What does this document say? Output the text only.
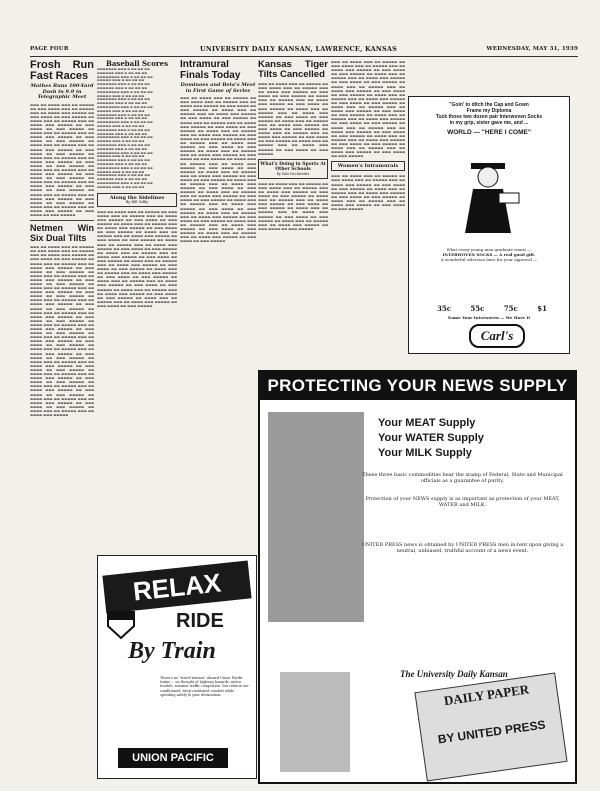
PAGE FOUR	UNIVERSITY DAILY KANSAN, LAWRENCE, KANSAS	WEDNESDAY, MAY 31, 1939
Frosh Run Fast Races
Mathes Runs 100-Yard Dash in 9.9 in Telegraphic Meet
▬▬▬ ▬▬ ▬▬▬▬ ▬▬▬ ▬▬ ▬▬▬▬▬ ▬▬ ▬▬▬ ▬▬▬▬ ▬▬▬ ▬▬ ▬▬▬▬▬ ▬▬▬ ▬▬ ▬▬▬▬ ▬▬▬ ▬▬▬▬▬ ▬▬ ▬▬▬ ▬▬▬▬ ▬▬ ▬▬▬ ▬▬▬▬▬ ▬▬ ▬▬▬▬ ▬▬▬ ▬▬ ▬▬▬▬▬ ▬▬▬ ▬▬ ▬▬▬▬ ▬▬▬ ▬▬▬▬▬ ▬▬ ▬▬▬ ▬▬▬▬ ▬▬ ▬▬▬ ▬▬▬▬▬ ▬▬ ▬▬▬▬ ▬▬▬ ▬▬ ▬▬▬▬▬ ▬▬▬ ▬▬ ▬▬▬▬ ▬▬▬ ▬▬▬▬▬ ▬▬ ▬▬▬ ▬▬▬▬ ▬▬ ▬▬▬ ▬▬▬▬▬ ▬▬ ▬▬▬▬ ▬▬▬ ▬▬ ▬▬▬▬▬ ▬▬▬ ▬▬ ▬▬▬▬ ▬▬▬ ▬▬▬▬▬ ▬▬ ▬▬▬ ▬▬▬▬ ▬▬ ▬▬▬ ▬▬▬▬▬ ▬▬ ▬▬▬▬ ▬▬▬ ▬▬ ▬▬▬▬▬ ▬▬▬ ▬▬ ▬▬▬▬ ▬▬▬ ▬▬▬▬▬ ▬▬ ▬▬▬ ▬▬▬▬ ▬▬ ▬▬▬ ▬▬▬▬▬ ▬▬ ▬▬▬▬ ▬▬▬ ▬▬ ▬▬▬▬▬ ▬▬▬ ▬▬ ▬▬▬▬ ▬▬▬ ▬▬▬▬▬ ▬▬ ▬▬▬ ▬▬▬▬ ▬▬ ▬▬▬ ▬▬▬▬▬ ▬▬ ▬▬▬▬ ▬▬▬ ▬▬ ▬▬▬▬▬ ▬▬▬ ▬▬ ▬▬▬▬ ▬▬▬ ▬▬▬▬▬ ▬▬ ▬▬▬ ▬▬▬▬ ▬▬ ▬▬▬ ▬▬▬▬▬ ▬▬ ▬▬▬▬ ▬▬▬ ▬▬ ▬▬▬▬▬ ▬▬▬ ▬▬ ▬▬▬▬ ▬▬▬ ▬▬▬▬▬ ▬▬ ▬▬▬ ▬▬▬▬ ▬▬ ▬▬▬ ▬▬▬▬▬ ▬▬ ▬▬▬▬ ▬▬▬ ▬▬ ▬▬▬▬▬ ▬▬▬ ▬▬ ▬▬▬▬ ▬▬▬ ▬▬▬▬▬ ▬▬ ▬▬▬ ▬▬▬▬ ▬▬ ▬▬▬ ▬▬▬▬▬
Netmen Win Six Dual Tilts
▬▬▬ ▬▬ ▬▬▬▬ ▬▬▬ ▬▬ ▬▬▬▬▬ ▬▬ ▬▬▬ ▬▬▬▬ ▬▬▬ ▬▬ ▬▬▬▬▬ ▬▬▬ ▬▬ ▬▬▬▬ ▬▬▬ ▬▬▬▬▬ ▬▬ ▬▬▬ ▬▬▬▬ ▬▬ ▬▬▬ ▬▬▬▬▬ ▬▬ ▬▬▬▬ ▬▬▬ ▬▬ ▬▬▬▬▬ ▬▬▬ ▬▬ ▬▬▬▬ ▬▬▬ ▬▬▬▬▬ ▬▬ ▬▬▬ ▬▬▬▬ ▬▬ ▬▬▬ ▬▬▬▬▬ ▬▬ ▬▬▬▬ ▬▬▬ ▬▬ ▬▬▬▬▬ ▬▬▬ ▬▬ ▬▬▬▬ ▬▬▬ ▬▬▬▬▬ ▬▬ ▬▬▬ ▬▬▬▬ ▬▬ ▬▬▬ ▬▬▬▬▬ ▬▬ ▬▬▬▬ ▬▬▬ ▬▬ ▬▬▬▬▬ ▬▬▬ ▬▬ ▬▬▬▬ ▬▬▬ ▬▬▬▬▬ ▬▬ ▬▬▬ ▬▬▬▬ ▬▬ ▬▬▬ ▬▬▬▬▬ ▬▬ ▬▬▬▬ ▬▬▬ ▬▬ ▬▬▬▬▬ ▬▬▬ ▬▬ ▬▬▬▬ ▬▬▬ ▬▬▬▬▬ ▬▬ ▬▬▬ ▬▬▬▬ ▬▬ ▬▬▬ ▬▬▬▬▬ ▬▬ ▬▬▬▬ ▬▬▬ ▬▬ ▬▬▬▬▬ ▬▬▬ ▬▬ ▬▬▬▬ ▬▬▬ ▬▬▬▬▬ ▬▬ ▬▬▬ ▬▬▬▬ ▬▬ ▬▬▬ ▬▬▬▬▬ ▬▬ ▬▬▬▬ ▬▬▬ ▬▬ ▬▬▬▬▬ ▬▬▬ ▬▬ ▬▬▬▬ ▬▬▬ ▬▬▬▬▬ ▬▬ ▬▬▬ ▬▬▬▬ ▬▬ ▬▬▬ ▬▬▬▬▬ ▬▬ ▬▬▬▬ ▬▬▬ ▬▬ ▬▬▬▬▬ ▬▬▬ ▬▬ ▬▬▬▬ ▬▬▬ ▬▬▬▬▬ ▬▬ ▬▬▬ ▬▬▬▬ ▬▬ ▬▬▬ ▬▬▬▬▬ ▬▬ ▬▬▬▬ ▬▬▬ ▬▬ ▬▬▬▬▬ ▬▬▬ ▬▬ ▬▬▬▬ ▬▬▬ ▬▬▬▬▬ ▬▬ ▬▬▬ ▬▬▬▬ ▬▬ ▬▬▬ ▬▬▬▬▬ ▬▬ ▬▬▬▬ ▬▬▬ ▬▬ ▬▬▬▬▬ ▬▬▬ ▬▬ ▬▬▬▬ ▬▬▬ ▬▬▬▬▬ ▬▬ ▬▬▬ ▬▬▬▬ ▬▬ ▬▬▬ ▬▬▬▬▬ ▬▬ ▬▬▬▬ ▬▬▬ ▬▬ ▬▬▬▬▬ ▬▬▬ ▬▬ ▬▬▬▬ ▬▬▬ ▬▬▬▬▬ ▬▬ ▬▬▬ ▬▬▬▬ ▬▬ ▬▬▬ ▬▬▬▬▬ ▬▬ ▬▬▬▬ ▬▬▬ ▬▬ ▬▬▬▬▬ ▬▬▬ ▬▬ ▬▬▬▬ ▬▬▬ ▬▬▬▬▬ ▬▬ ▬▬▬ ▬▬▬▬ ▬▬ ▬▬▬ ▬▬▬▬▬ ▬▬ ▬▬▬▬ ▬▬▬ ▬▬ ▬▬▬▬▬ ▬▬▬ ▬▬ ▬▬▬▬ ▬▬▬ ▬▬▬▬▬ ▬▬ ▬▬▬ ▬▬▬▬ ▬▬ ▬▬▬ ▬▬▬▬▬ ▬▬ ▬▬▬▬ ▬▬▬ ▬▬ ▬▬▬▬▬ ▬▬▬ ▬▬ ▬▬▬▬ ▬▬▬ ▬▬▬▬▬
Baseball Scores
▬▬▬▬▬▬▬ ▬▬▬ ▬ ▬▬ ▬▬ ▬▬
▬▬▬▬▬▬ ▬▬▬ ▬ ▬▬ ▬▬ ▬▬
▬▬▬▬▬▬▬▬ ▬▬▬ ▬ ▬▬ ▬▬ ▬▬
▬▬▬▬▬ ▬▬▬ ▬ ▬▬ ▬▬ ▬▬
▬▬▬▬▬▬▬ ▬▬▬ ▬ ▬▬ ▬▬ ▬▬
▬▬▬▬▬▬ ▬▬▬ ▬ ▬▬ ▬▬ ▬▬
▬▬▬▬▬▬▬▬ ▬▬▬ ▬ ▬▬ ▬▬ ▬▬
▬▬▬▬▬ ▬▬▬ ▬ ▬▬ ▬▬ ▬▬
▬▬▬▬▬▬▬ ▬▬▬ ▬ ▬▬ ▬▬ ▬▬
▬▬▬▬▬▬ ▬▬▬ ▬ ▬▬ ▬▬ ▬▬
▬▬▬▬▬▬▬▬ ▬▬▬ ▬ ▬▬ ▬▬ ▬▬
▬▬▬▬▬ ▬▬▬ ▬ ▬▬ ▬▬ ▬▬
▬▬▬▬▬▬▬ ▬▬▬ ▬ ▬▬ ▬▬ ▬▬
▬▬▬▬▬▬ ▬▬▬ ▬ ▬▬ ▬▬ ▬▬
▬▬▬▬▬▬▬▬ ▬▬▬ ▬ ▬▬ ▬▬ ▬▬
▬▬▬▬▬ ▬▬▬ ▬ ▬▬ ▬▬ ▬▬
▬▬▬▬▬▬▬ ▬▬▬ ▬ ▬▬ ▬▬ ▬▬
▬▬▬▬▬▬ ▬▬▬ ▬ ▬▬ ▬▬ ▬▬
▬▬▬▬▬▬▬▬ ▬▬▬ ▬ ▬▬ ▬▬ ▬▬
▬▬▬▬▬ ▬▬▬ ▬ ▬▬ ▬▬ ▬▬
▬▬▬▬▬▬▬ ▬▬▬ ▬ ▬▬ ▬▬ ▬▬
▬▬▬▬▬▬ ▬▬▬ ▬ ▬▬ ▬▬ ▬▬
▬▬▬▬▬▬▬▬ ▬▬▬ ▬ ▬▬ ▬▬ ▬▬
▬▬▬▬▬ ▬▬▬ ▬ ▬▬ ▬▬ ▬▬
▬▬▬▬▬▬▬ ▬▬▬ ▬ ▬▬ ▬▬ ▬▬
▬▬▬▬▬▬ ▬▬▬ ▬ ▬▬ ▬▬ ▬▬
▬▬▬▬▬▬▬▬ ▬▬▬ ▬ ▬▬ ▬▬ ▬▬
▬▬▬▬▬ ▬▬▬ ▬ ▬▬ ▬▬ ▬▬
▬▬▬▬▬▬▬ ▬▬▬ ▬ ▬▬ ▬▬ ▬▬
▬▬▬▬▬▬ ▬▬▬ ▬ ▬▬ ▬▬ ▬▬
▬▬▬▬▬▬▬▬ ▬▬▬ ▬ ▬▬ ▬▬ ▬▬
▬▬▬▬▬ ▬▬▬ ▬ ▬▬ ▬▬ ▬▬
Along the Sidelines
By Bill Selby
▬▬▬ ▬▬ ▬▬▬▬ ▬▬▬ ▬▬ ▬▬▬▬▬ ▬▬ ▬▬▬ ▬▬▬▬ ▬▬▬ ▬▬ ▬▬▬▬▬ ▬▬▬ ▬▬ ▬▬▬▬ ▬▬▬ ▬▬▬▬▬ ▬▬ ▬▬▬ ▬▬▬▬ ▬▬ ▬▬▬ ▬▬▬▬▬ ▬▬ ▬▬▬▬ ▬▬▬ ▬▬ ▬▬▬▬▬ ▬▬▬ ▬▬ ▬▬▬▬ ▬▬▬ ▬▬▬▬▬ ▬▬ ▬▬▬ ▬▬▬▬ ▬▬ ▬▬▬ ▬▬▬▬▬ ▬▬ ▬▬▬▬ ▬▬▬ ▬▬ ▬▬▬▬▬ ▬▬▬ ▬▬ ▬▬▬▬ ▬▬▬ ▬▬▬▬▬ ▬▬ ▬▬▬ ▬▬▬▬ ▬▬ ▬▬▬ ▬▬▬▬▬ ▬▬ ▬▬▬▬ ▬▬▬ ▬▬ ▬▬▬▬▬ ▬▬▬ ▬▬ ▬▬▬▬ ▬▬▬ ▬▬▬▬▬ ▬▬ ▬▬▬ ▬▬▬▬ ▬▬ ▬▬▬ ▬▬▬▬▬ ▬▬ ▬▬▬▬ ▬▬▬ ▬▬ ▬▬▬▬▬ ▬▬▬ ▬▬ ▬▬▬▬ ▬▬▬ ▬▬▬▬▬ ▬▬ ▬▬▬ ▬▬▬▬ ▬▬ ▬▬▬ ▬▬▬▬▬ ▬▬ ▬▬▬▬ ▬▬▬ ▬▬ ▬▬▬▬▬ ▬▬▬ ▬▬ ▬▬▬▬ ▬▬▬ ▬▬▬▬▬ ▬▬ ▬▬▬ ▬▬▬▬ ▬▬ ▬▬▬ ▬▬▬▬▬ ▬▬ ▬▬▬▬ ▬▬▬ ▬▬ ▬▬▬▬▬ ▬▬▬ ▬▬ ▬▬▬▬ ▬▬▬ ▬▬▬▬▬ ▬▬ ▬▬▬ ▬▬▬▬ ▬▬ ▬▬▬ ▬▬▬▬▬ ▬▬ ▬▬▬▬ ▬▬▬ ▬▬ ▬▬▬▬▬ ▬▬▬ ▬▬ ▬▬▬▬ ▬▬▬ ▬▬▬▬▬ ▬▬ ▬▬▬ ▬▬▬▬ ▬▬ ▬▬▬ ▬▬▬▬▬ ▬▬ ▬▬▬▬ ▬▬▬ ▬▬ ▬▬▬▬▬ ▬▬▬ ▬▬ ▬▬▬▬ ▬▬▬ ▬▬▬▬▬ ▬▬ ▬▬▬ ▬▬▬▬ ▬▬ ▬▬▬ ▬▬▬▬▬ ▬▬ ▬▬▬▬ ▬▬▬ ▬▬ ▬▬▬▬▬ ▬▬▬ ▬▬ ▬▬▬▬ ▬▬▬ ▬▬▬▬▬ ▬▬ ▬▬▬ ▬▬▬▬ ▬▬ ▬▬▬ ▬▬▬▬▬
Intramural Finals Today
Dominoes and Beta's Meet in First Game of Series
▬▬▬ ▬▬ ▬▬▬▬ ▬▬▬ ▬▬ ▬▬▬▬▬ ▬▬ ▬▬▬ ▬▬▬▬ ▬▬▬ ▬▬ ▬▬▬▬▬ ▬▬▬ ▬▬ ▬▬▬▬ ▬▬▬ ▬▬▬▬▬ ▬▬ ▬▬▬ ▬▬▬▬ ▬▬ ▬▬▬ ▬▬▬▬▬ ▬▬ ▬▬▬▬ ▬▬▬ ▬▬ ▬▬▬▬▬ ▬▬▬ ▬▬ ▬▬▬▬ ▬▬▬ ▬▬▬▬▬ ▬▬ ▬▬▬ ▬▬▬▬ ▬▬ ▬▬▬ ▬▬▬▬▬ ▬▬ ▬▬▬▬ ▬▬▬ ▬▬ ▬▬▬▬▬ ▬▬▬ ▬▬ ▬▬▬▬ ▬▬▬ ▬▬▬▬▬ ▬▬ ▬▬▬ ▬▬▬▬ ▬▬ ▬▬▬ ▬▬▬▬▬ ▬▬ ▬▬▬▬ ▬▬▬ ▬▬ ▬▬▬▬▬ ▬▬▬ ▬▬ ▬▬▬▬ ▬▬▬ ▬▬▬▬▬ ▬▬ ▬▬▬ ▬▬▬▬ ▬▬ ▬▬▬ ▬▬▬▬▬ ▬▬ ▬▬▬▬ ▬▬▬ ▬▬ ▬▬▬▬▬ ▬▬▬ ▬▬ ▬▬▬▬ ▬▬▬ ▬▬▬▬▬ ▬▬ ▬▬▬ ▬▬▬▬ ▬▬ ▬▬▬ ▬▬▬▬▬ ▬▬ ▬▬▬▬ ▬▬▬ ▬▬ ▬▬▬▬▬ ▬▬▬ ▬▬ ▬▬▬▬ ▬▬▬ ▬▬▬▬▬ ▬▬ ▬▬▬ ▬▬▬▬ ▬▬ ▬▬▬ ▬▬▬▬▬ ▬▬ ▬▬▬▬ ▬▬▬ ▬▬ ▬▬▬▬▬ ▬▬▬ ▬▬ ▬▬▬▬ ▬▬▬ ▬▬▬▬▬ ▬▬ ▬▬▬ ▬▬▬▬ ▬▬ ▬▬▬ ▬▬▬▬▬ ▬▬ ▬▬▬▬ ▬▬▬ ▬▬ ▬▬▬▬▬ ▬▬▬ ▬▬ ▬▬▬▬ ▬▬▬ ▬▬▬▬▬ ▬▬ ▬▬▬ ▬▬▬▬ ▬▬ ▬▬▬ ▬▬▬▬▬ ▬▬ ▬▬▬▬ ▬▬▬ ▬▬ ▬▬▬▬▬ ▬▬▬ ▬▬ ▬▬▬▬ ▬▬▬ ▬▬▬▬▬ ▬▬ ▬▬▬ ▬▬▬▬ ▬▬ ▬▬▬ ▬▬▬▬▬ ▬▬ ▬▬▬▬ ▬▬▬ ▬▬ ▬▬▬▬▬ ▬▬▬ ▬▬ ▬▬▬▬ ▬▬▬ ▬▬▬▬▬ ▬▬ ▬▬▬ ▬▬▬▬ ▬▬ ▬▬▬ ▬▬▬▬▬ ▬▬ ▬▬▬▬ ▬▬▬ ▬▬ ▬▬▬▬▬ ▬▬▬ ▬▬ ▬▬▬▬ ▬▬▬ ▬▬▬▬▬ ▬▬ ▬▬▬ ▬▬▬▬ ▬▬ ▬▬▬ ▬▬▬▬▬ ▬▬ ▬▬▬▬ ▬▬▬ ▬▬ ▬▬▬▬▬ ▬▬▬ ▬▬ ▬▬▬▬ ▬▬▬ ▬▬▬▬▬ ▬▬ ▬▬▬ ▬▬▬▬ ▬▬ ▬▬▬ ▬▬▬▬▬ ▬▬ ▬▬▬▬ ▬▬▬ ▬▬ ▬▬▬▬▬ ▬▬▬ ▬▬ ▬▬▬▬ ▬▬▬ ▬▬▬▬▬ ▬▬ ▬▬▬ ▬▬▬▬ ▬▬ ▬▬▬ ▬▬▬▬▬ ▬▬ ▬▬▬▬ ▬▬▬ ▬▬ ▬▬▬▬▬ ▬▬▬ ▬▬ ▬▬▬▬ ▬▬▬ ▬▬▬▬▬ ▬▬ ▬▬▬ ▬▬▬▬ ▬▬ ▬▬▬ ▬▬▬▬▬
Kansas Tiger Tilts Cancelled
▬▬▬ ▬▬ ▬▬▬▬ ▬▬▬ ▬▬ ▬▬▬▬▬ ▬▬ ▬▬▬ ▬▬▬▬ ▬▬▬ ▬▬ ▬▬▬▬▬ ▬▬▬ ▬▬ ▬▬▬▬ ▬▬▬ ▬▬▬▬▬ ▬▬ ▬▬▬ ▬▬▬▬ ▬▬ ▬▬▬ ▬▬▬▬▬ ▬▬ ▬▬▬▬ ▬▬▬ ▬▬ ▬▬▬▬▬ ▬▬▬ ▬▬ ▬▬▬▬ ▬▬▬ ▬▬▬▬▬ ▬▬ ▬▬▬ ▬▬▬▬ ▬▬ ▬▬▬ ▬▬▬▬▬ ▬▬ ▬▬▬▬ ▬▬▬ ▬▬ ▬▬▬▬▬ ▬▬▬ ▬▬ ▬▬▬▬ ▬▬▬ ▬▬▬▬▬ ▬▬ ▬▬▬ ▬▬▬▬ ▬▬ ▬▬▬ ▬▬▬▬▬ ▬▬ ▬▬▬▬ ▬▬▬ ▬▬ ▬▬▬▬▬ ▬▬▬ ▬▬ ▬▬▬▬ ▬▬▬ ▬▬▬▬▬ ▬▬ ▬▬▬ ▬▬▬▬ ▬▬ ▬▬▬ ▬▬▬▬▬ ▬▬ ▬▬▬▬ ▬▬▬ ▬▬ ▬▬▬▬▬ ▬▬▬ ▬▬ ▬▬▬▬ ▬▬▬ ▬▬▬▬▬ ▬▬ ▬▬▬ ▬▬▬▬ ▬▬ ▬▬▬ ▬▬▬▬▬ ▬▬ ▬▬▬▬ ▬▬▬ ▬▬ ▬▬▬▬▬ ▬▬▬ ▬▬ ▬▬▬▬ ▬▬▬ ▬▬▬▬▬ ▬▬ ▬▬▬ ▬▬▬▬ ▬▬ ▬▬▬ ▬▬▬▬▬
What's Doing in Sports At Other Schools
By Dale Hochstetler
▬▬▬ ▬▬ ▬▬▬▬ ▬▬▬ ▬▬ ▬▬▬▬▬ ▬▬ ▬▬▬ ▬▬▬▬ ▬▬▬ ▬▬ ▬▬▬▬▬ ▬▬▬ ▬▬ ▬▬▬▬ ▬▬▬ ▬▬▬▬▬ ▬▬ ▬▬▬ ▬▬▬▬ ▬▬ ▬▬▬ ▬▬▬▬▬ ▬▬ ▬▬▬▬ ▬▬▬ ▬▬ ▬▬▬▬▬ ▬▬▬ ▬▬ ▬▬▬▬ ▬▬▬ ▬▬▬▬▬ ▬▬ ▬▬▬ ▬▬▬▬ ▬▬ ▬▬▬ ▬▬▬▬▬ ▬▬ ▬▬▬▬ ▬▬▬ ▬▬ ▬▬▬▬▬ ▬▬▬ ▬▬ ▬▬▬▬ ▬▬▬ ▬▬▬▬▬ ▬▬ ▬▬▬ ▬▬▬▬ ▬▬ ▬▬▬ ▬▬▬▬▬ ▬▬ ▬▬▬▬ ▬▬▬ ▬▬ ▬▬▬▬▬ ▬▬▬ ▬▬ ▬▬▬▬ ▬▬▬ ▬▬▬▬▬ ▬▬ ▬▬▬ ▬▬▬▬ ▬▬ ▬▬▬ ▬▬▬▬▬
▬▬▬ ▬▬ ▬▬▬▬ ▬▬▬ ▬▬ ▬▬▬▬▬ ▬▬ ▬▬▬ ▬▬▬▬ ▬▬▬ ▬▬ ▬▬▬▬▬ ▬▬▬ ▬▬ ▬▬▬▬ ▬▬▬ ▬▬▬▬▬ ▬▬ ▬▬▬ ▬▬▬▬ ▬▬ ▬▬▬ ▬▬▬▬▬ ▬▬ ▬▬▬▬ ▬▬▬ ▬▬ ▬▬▬▬▬ ▬▬▬ ▬▬ ▬▬▬▬ ▬▬▬ ▬▬▬▬▬ ▬▬ ▬▬▬ ▬▬▬▬ ▬▬ ▬▬▬ ▬▬▬▬▬ ▬▬ ▬▬▬▬ ▬▬▬ ▬▬ ▬▬▬▬▬ ▬▬▬ ▬▬ ▬▬▬▬ ▬▬▬ ▬▬▬▬▬ ▬▬ ▬▬▬ ▬▬▬▬ ▬▬ ▬▬▬ ▬▬▬▬▬ ▬▬ ▬▬▬▬ ▬▬▬ ▬▬ ▬▬▬▬▬ ▬▬▬ ▬▬ ▬▬▬▬ ▬▬▬ ▬▬▬▬▬ ▬▬ ▬▬▬ ▬▬▬▬ ▬▬ ▬▬▬ ▬▬▬▬▬ ▬▬ ▬▬▬▬ ▬▬▬ ▬▬ ▬▬▬▬▬ ▬▬▬ ▬▬ ▬▬▬▬ ▬▬▬ ▬▬▬▬▬ ▬▬ ▬▬▬ ▬▬▬▬ ▬▬ ▬▬▬ ▬▬▬▬▬ ▬▬ ▬▬▬▬ ▬▬▬ ▬▬ ▬▬▬▬▬ ▬▬▬ ▬▬ ▬▬▬▬ ▬▬▬ ▬▬▬▬▬ ▬▬ ▬▬▬ ▬▬▬▬ ▬▬ ▬▬▬ ▬▬▬▬▬ ▬▬ ▬▬▬▬ ▬▬▬ ▬▬ ▬▬▬▬▬ ▬▬▬ ▬▬ ▬▬▬▬ ▬▬▬ ▬▬▬▬▬ ▬▬ ▬▬▬ ▬▬▬▬ ▬▬ ▬▬▬ ▬▬▬▬▬ ▬▬ ▬▬▬▬ ▬▬▬ ▬▬ ▬▬▬▬▬ ▬▬▬ ▬▬ ▬▬▬▬ ▬▬▬ ▬▬▬▬▬ ▬▬ ▬▬▬ ▬▬▬▬ ▬▬ ▬▬▬ ▬▬▬▬▬ ▬▬ ▬▬▬▬ ▬▬▬ ▬▬ ▬▬▬▬▬ ▬▬▬ ▬▬ ▬▬▬▬ ▬▬▬ ▬▬▬▬▬ ▬▬ ▬▬▬ ▬▬▬▬ ▬▬ ▬▬▬ ▬▬▬▬▬
Women's Intramurals
▬▬▬ ▬▬ ▬▬▬▬ ▬▬▬ ▬▬ ▬▬▬▬▬ ▬▬ ▬▬▬ ▬▬▬▬ ▬▬▬ ▬▬ ▬▬▬▬▬ ▬▬▬ ▬▬ ▬▬▬▬ ▬▬▬ ▬▬▬▬▬ ▬▬ ▬▬▬ ▬▬▬▬ ▬▬ ▬▬▬ ▬▬▬▬▬ ▬▬ ▬▬▬▬ ▬▬▬ ▬▬ ▬▬▬▬▬ ▬▬▬ ▬▬ ▬▬▬▬ ▬▬▬ ▬▬▬▬▬ ▬▬ ▬▬▬ ▬▬▬▬ ▬▬ ▬▬▬ ▬▬▬▬▬ ▬▬ ▬▬▬▬ ▬▬▬ ▬▬ ▬▬▬▬▬ ▬▬▬ ▬▬ ▬▬▬▬ ▬▬▬ ▬▬▬▬▬ ▬▬ ▬▬▬ ▬▬▬▬ ▬▬ ▬▬▬ ▬▬▬▬▬
"Goin' to ditch the Cap and Gown
Frame my Diploma
Tuck those two dozen pair Interwoven Socks
in my grip, sister gave me, and ...
WORLD — "HERE I COME"
What every young man graduate wants —
INTERWOVEN SOCKS — A real good gift.
A wonderful selection here for your approval —
35c	55c	75c	$1
Name Your Interwoven — We Have It
Carl's
RELAX
RIDE
By Train
There's no "travel tension" aboard Union Pacific trains ... no thought of highway hazards, motor trouble, summer traffic congestion. You relax in air-conditioned, deep-cushioned comfort while speeding safely to your destination.
UNION PACIFIC
PROTECTING YOUR NEWS SUPPLY
Your MEAT Supply
Your WATER Supply
Your MILK Supply
These three basic commodities bear the stamp of Federal, State and Municipal officials as a guarantee of purity.
Protection of your NEWS supply is as important as protection of your MEAT, WATER and MILK.
UNITED PRESS news is obtained by UNITED PRESS men in-tent upon giving a neutral, unbiased, truthful account of a news event.
The University Daily Kansan
DAILY PAPER
BY UNITED PRESS
